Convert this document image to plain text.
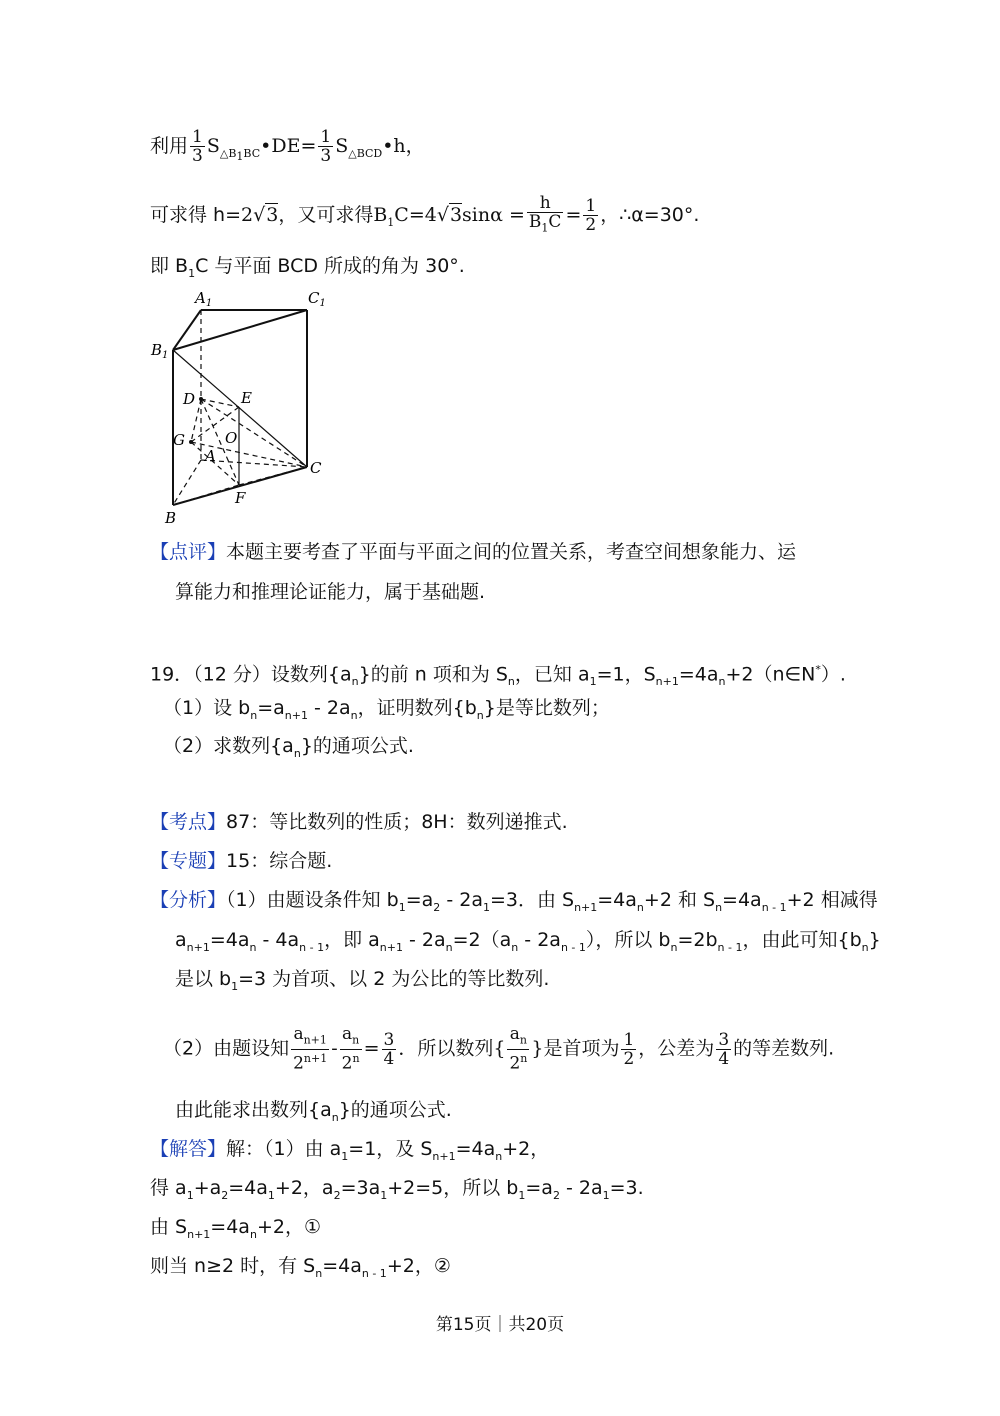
利用 $\frac{1}{3}$ $S_{\triangle B_1BC}•DE= \frac{1}{3}$ $S_{\triangle BCD}•h$，
可求得 h=2√3，又可求得$B_1C=4√3\sin\alpha = \frac{h}{B_1C} = \frac{1}{2}$ ，∴α=30°.
即 $B_1C$ 与平面 BCD 所成的角为 30°.
$A_1$	$C_1$
$B_1$
D	E
G	O
A
C
F
B
【点评】本题主要考查了平面与平面之间的位置关系，考查空间想象能力、运
算能力和推理论证能力，属于基础题.
19．（12 分）设数列$\{a_n\}$的前 n 项和为 $S_n$，已知 $a_1=1$，$S_{n+1}=4a_n+2(n\in N^*)$.
（1）设 $b_n=a_{n+1} - 2a_n$，证明数列$\{b_n\}$是等比数列；
（2）求数列$\{a_n\}$的通项公式.
【考点】87：等比数列的性质；8H：数列递推式.
【专题】15：综合题.
【分析】（1）由题设条件知 $b_1=a_2 - 2a_1=3$．由 $S_{n+1}=4a_n+2$ 和 $S_n=4a_{n - 1}+2$ 相减得
$a_{n+1}=4a_n - 4a_{n - 1}$，即 $a_{n+1} - 2a_n=2(a_n - 2a_{n - 1})$，所以 $b_n=2b_{n - 1}$，由此可知$\{b_n\}$
是以 $b_1=3$ 为首项、以 2 为公比的等比数列.
（2）由题设知 $\frac{a_{n+1}}{2^{n+1}} - \frac{a_n}{2^n} = \frac{3}{4}$ ．所以数列{ $\frac{a_n}{2^n}$ }是首项为 $\frac{1}{2}$ ，公差为 $\frac{3}{4}$ 的等差数列.
由此能求出数列$\{a_n\}$的通项公式.
【解答】解：（1）由 $a_1=1$，及 $S_{n+1}=4a_n+2$，
得 $a_1+a_2=4a_1+2$，$a_2=3a_1+2=5$，所以 $b_1=a_2 - 2a_1=3$.
由 $S_{n+1}=4a_n+2$，①
则当 n≥2 时，有 $S_n=4a_{n - 1}+2$，②
第15页｜共20页
